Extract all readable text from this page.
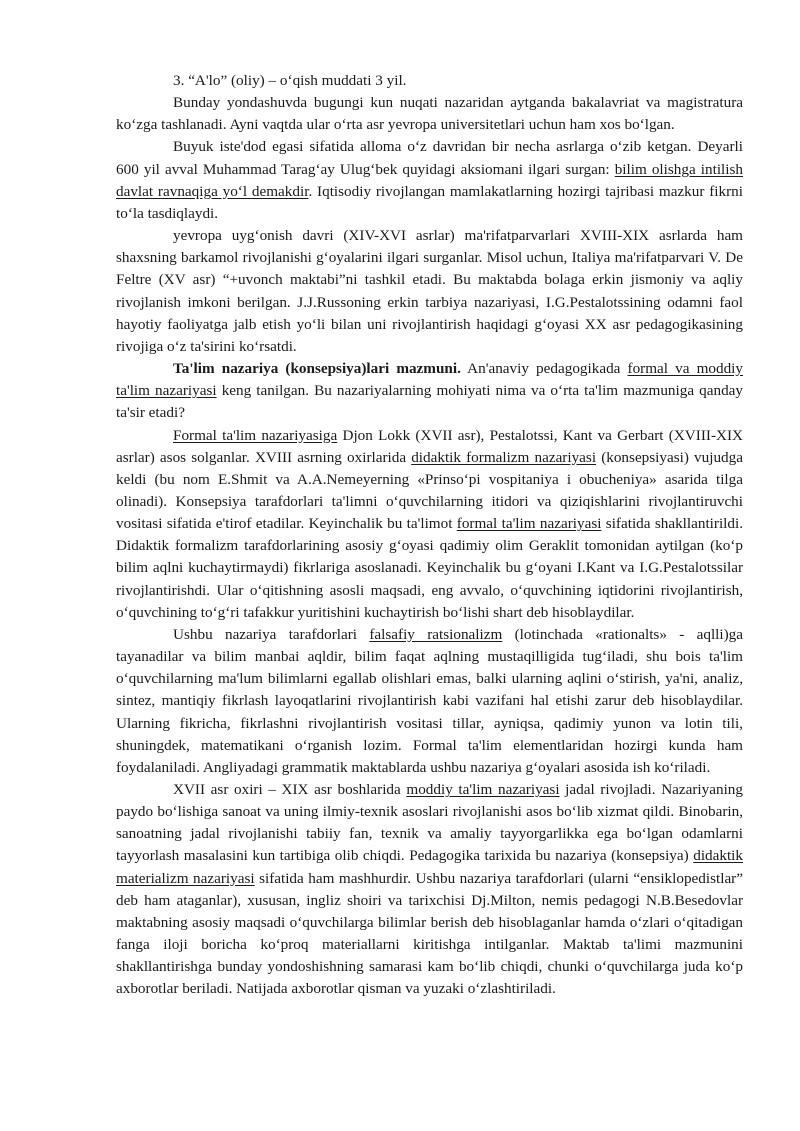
3. “A'lo” (oliy) – o‘qish muddati 3 yil.

Bunday yondashuvda bugungi kun nuqati nazaridan aytganda bakalavriat va magistratura ko‘zga tashlanadi. Ayni vaqtda ular o‘rta asr yevropa universitetlari uchun ham xos bo‘lgan.

Buyuk iste'dod egasi sifatida alloma o‘z davridan bir necha asrlarga o‘zib ketgan. Deyarli 600 yil avval Muhammad Tarag‘ay Ulug‘bek quyidagi aksiomani ilgari surgan: bilim olishga intilish davlat ravnaqiga yo‘l demakdir. Iqtisodiy rivojlangan mamlakatlarning hozirgi tajribasi mazkur fikrni to‘la tasdiqlaydi.

yevropa uyg‘onish davri (XIV-XVI asrlar) ma'rifatparvarlari XVIII-XIX asrlarda ham shaxsning barkamol rivojlanishi g‘oyalarini ilgari surganlar. Misol uchun, Italiya ma'rifatparvari V. De Feltre (XV asr) “+uvonch maktabi”ni tashkil etadi. Bu maktabda bolaga erkin jismoniy va aqliy rivojlanish imkoni berilgan. J.J.Russoning erkin tarbiya nazariyasi, I.G.Pestalotssining odamni faol hayotiy faoliyatga jalb etish yo‘li bilan uni rivojlantirish haqidagi g‘oyasi XX asr pedagogikasining rivojiga o‘z ta'sirini ko‘rsatdi.

Ta'lim nazariya (konsepsiya)lari mazmuni. An'anaviy pedagogikada formal va moddiy ta'lim nazariyasi keng tanilgan. Bu nazariyalarning mohiyati nima va o‘rta ta'lim mazmuniga qanday ta'sir etadi?

Formal ta'lim nazariyasiga Djon Lokk (XVII asr), Pestalotssi, Kant va Gerbart (XVIII-XIX asrlar) asos solganlar. XVIII asrning oxirlarida didaktik formalizm nazariyasi (konsepsiyasi) vujudga keldi (bu nom E.Shmit va A.A.Nemeyerning «Prinso‘pi vospitaniya i obucheniya» asarida tilga olinadi). Konsepsiya tarafdorlari ta'limni o‘quvchilarning itidori va qiziqishlarini rivojlantiruvchi vositasi sifatida e'tirof etadilar. Keyinchalik bu ta'limot formal ta'lim nazariyasi sifatida shakllantirildi. Didaktik formalizm tarafdorlarining asosiy g‘oyasi qadimiy olim Geraklit tomonidan aytilgan (ko‘p bilim aqlni kuchaytirmaydi) fikrlariga asoslanadi. Keyinchalik bu g‘oyani I.Kant va I.G.Pestalotssilar rivojlantirishdi. Ular o‘qitishning asosli maqsadi, eng avvalo, o‘quvchining iqtidorini rivojlantirish, o‘quvchining to‘g‘ri tafakkur yuritishini kuchaytirish bo‘lishi shart deb hisoblaydilar.

Ushbu nazariya tarafdorlari falsafiy ratsionalizm (lotinchada «rationalts» - aqlli)ga tayanadilar va bilim manbai aqldir, bilim faqat aqlning mustaqilligida tug‘iladi, shu bois ta'lim o‘quvchilarning ma'lum bilimlarni egallab olishlari emas, balki ularning aqlini o‘stirish, ya'ni, analiz, sintez, mantiqiy fikrlash layoqatlarini rivojlantirish kabi vazifani hal etishi zarur deb hisoblaydilar. Ularning fikricha, fikrlashni rivojlantirish vositasi tillar, ayniqsa, qadimiy yunon va lotin tili, shuningdek, matematikani o‘rganish lozim. Formal ta'lim elementlaridan hozirgi kunda ham foydalaniladi. Angliyadagi grammatik maktablarda ushbu nazariya g‘oyalari asosida ish ko‘riladi.

XVII asr oxiri – XIX asr boshlarida moddiy ta'lim nazariyasi jadal rivojladi. Nazariyaning paydo bo‘lishiga sanoat va uning ilmiy-texnik asoslari rivojlanishi asos bo‘lib xizmat qildi. Binobarin, sanoatning jadal rivojlanishi tabiiy fan, texnik va amaliy tayyorgarlikka ega bo‘lgan odamlarni tayyorlash masalasini kun tartibiga olib chiqdi. Pedagogika tarixida bu nazariya (konsepsiya) didaktik materializm nazariyasi sifatida ham mashhurdir. Ushbu nazariya tarafdorlari (ularni “ensiklopedistlar” deb ham ataganlar), xususan, ingliz shoiri va tarixchisi Dj.Milton, nemis pedagogi N.B.Besedovlar maktabning asosiy maqsadi o‘quvchilarga bilimlar berish deb hisoblaganlar hamda o‘zlari o‘qitadigan fanga iloji boricha ko‘proq materiallarni kiritishga intilganlar. Maktab ta'limi mazmunini shakllantirishga bunday yondoshishning samarasi kam bo‘lib chiqdi, chunki o‘quvchilarga juda ko‘p axborotlar beriladi. Natijada axborotlar qisman va yuzaki o‘zlashtiriladi.
